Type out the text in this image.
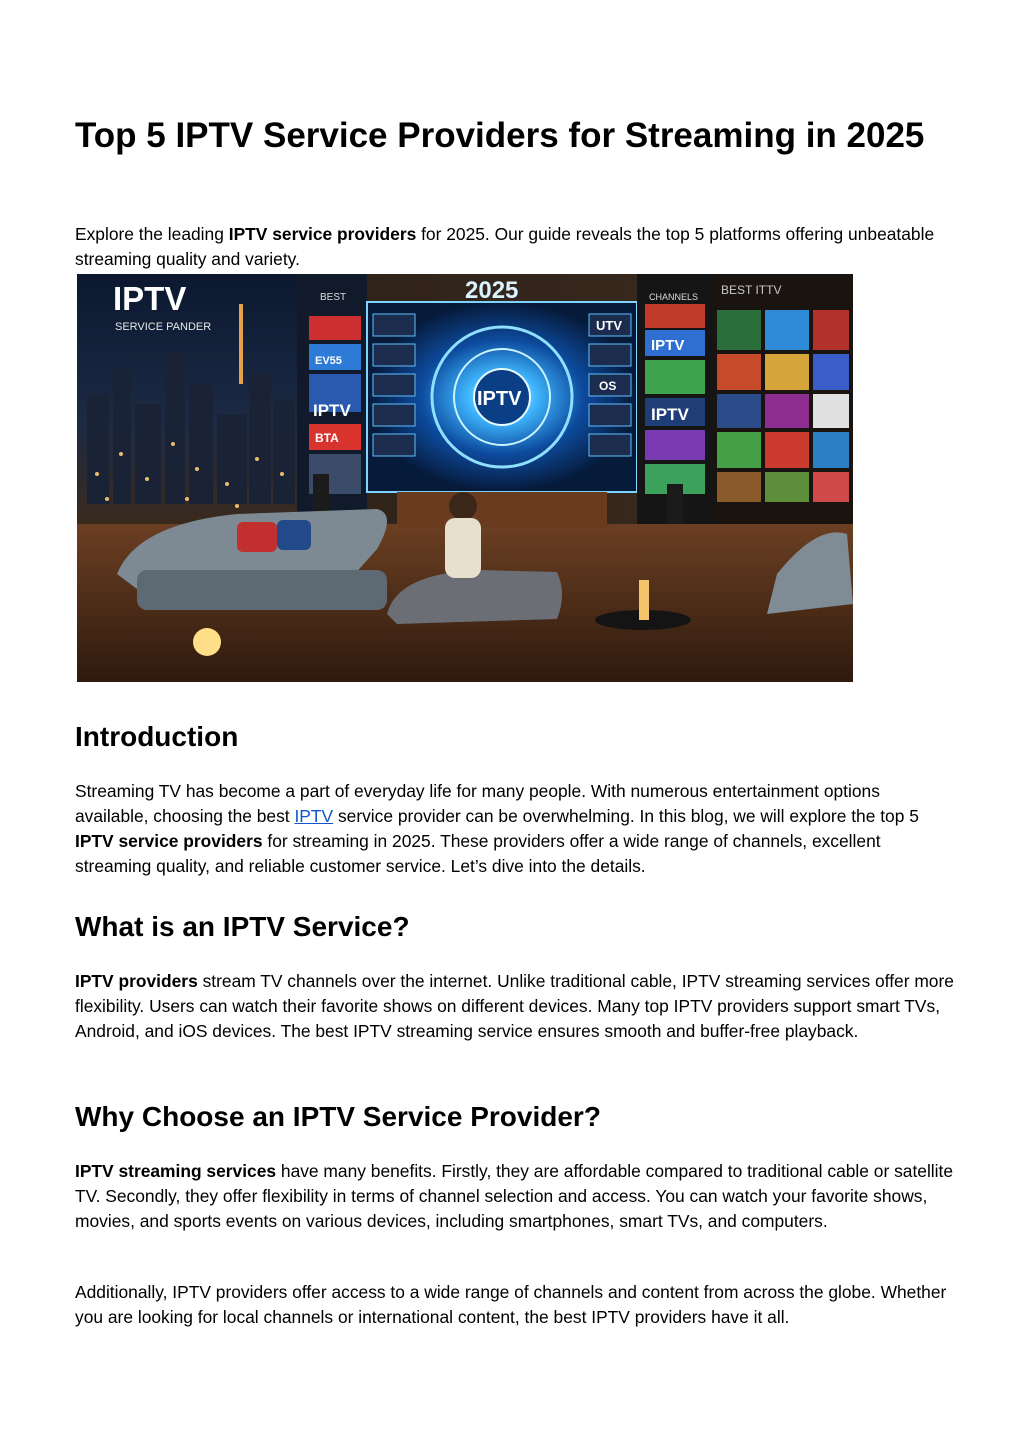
Top 5 IPTV Service Providers for Streaming in 2025

Explore the leading IPTV service providers for 2025. Our guide reveals the top 5 platforms offering unbeatable streaming quality and variety.

IPTV
SERVICE PANDER
BEST
EV55
IPTV
BTA
IPTV
2025
UTV
OS
CHANNELS
IPTV
IPTV
BEST ITTV
Introduction

Streaming TV has become a part of everyday life for many people. With numerous entertainment options available, choosing the best IPTV service provider can be overwhelming. In this blog, we will explore the top 5 IPTV service providers for streaming in 2025. These providers offer a wide range of channels, excellent streaming quality, and reliable customer service. Let’s dive into the details.

What is an IPTV Service?

IPTV providers stream TV channels over the internet. Unlike traditional cable, IPTV streaming services offer more flexibility. Users can watch their favorite shows on different devices. Many top IPTV providers support smart TVs, Android, and iOS devices. The best IPTV streaming service ensures smooth and buffer-free playback.

Why Choose an IPTV Service Provider?

IPTV streaming services have many benefits. Firstly, they are affordable compared to traditional cable or satellite TV. Secondly, they offer flexibility in terms of channel selection and access. You can watch your favorite shows, movies, and sports events on various devices, including smartphones, smart TVs, and computers.

Additionally, IPTV providers offer access to a wide range of channels and content from across the globe. Whether you are looking for local channels or international content, the best IPTV providers have it all.
